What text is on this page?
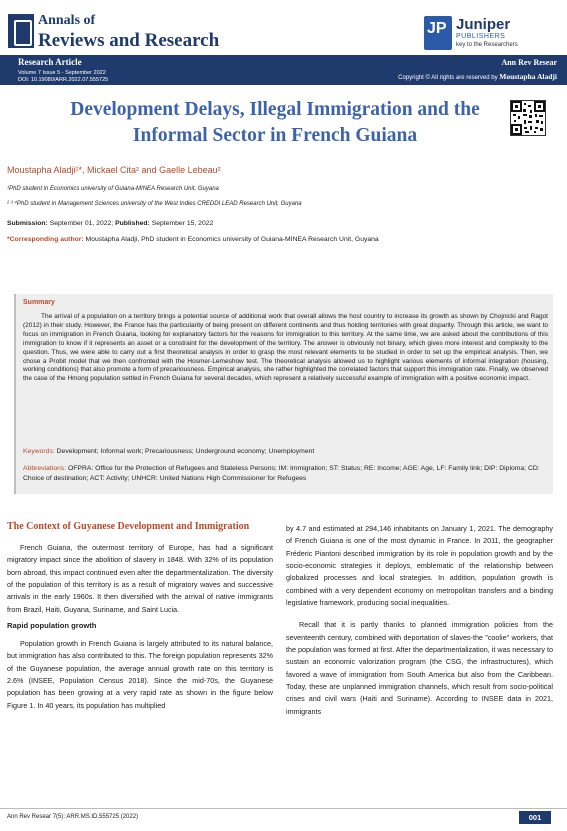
Annals of
Reviews and Research
JP Juniper
PUBLISHERS
key to the Researchers
Research Article
Volume 7 Issue 5 - September 2022
DOI: 10.19080/ARR.2022.07.555725
Ann Rev Resear
Copyright © All rights are reserved by Moustapha Aladji
Development Delays, Illegal Immigration and the Informal Sector in French Guiana
Moustapha Aladji¹*, Mickael Cita² and Gaelle Lebeau²
¹PhD student in Economics university of Guiana-MINEA Research Unit, Guyana
² ³ ⁴PhD student in Management Sciences university of the West Indies CREDDI LEAD Research Unit, Guyana
Submission: September 01, 2022; Published: September 15, 2022
*Corresponding author: Moustapha Aladji, PhD student in Economics university of Guiana-MINEA Research Unit, Guyana
Summary

The arrival of a population on a territory brings a potential source of additional work that overall allows the host country to increase its growth as shown by Chojnicki and Ragot (2012) in their study. However, the France has the particularity of being present on different continents and thus holding territories with great disparity. Through this article, we want to focus on immigration in French Guiana, looking for explanatory factors for the reasons for immigration to this territory. At the same time, we are asked about the contributions of this immigration to know if it represents an asset or a constraint for the development of the territory. The answer is obviously not binary, which gives more interest and complexity to the question. Thus, we were able to carry out a first theoretical analysis in order to grasp the most relevant elements to be studied in order to set up the empirical analysis. Then, we chose a Probit model that we then confronted with the Hosmer-Lemeshow test. The theoretical analysis allowed us to highlight various elements of informal integration (housing, working conditions) that also promote a form of precariousness. Empirical analysis, she rather highlighted the correlated factors that support this immigration rate. Finally, we observed the case of the Hmong population settled in French Guiana for several decades, which represent a relatively successful example of immigration with a positive economic impact.

Keywords: Development; Informal work; Precariousness; Underground economy; Unemployment
Abbreviations: OFPRA: Office for the Protection of Refugees and Stateless Persons; IM: Immigration; ST: Status; RE: Income; AGE: Age, LF: Family link; DIP: Diploma; CD: Choice of destination; ACT: Activity; UNHCR: United Nations High Commissioner for Refugees
The Context of Guyanese Development and Immigration

French Guiana, the outermost territory of Europe, has had a significant migratory impact since the abolition of slavery in 1848. With 32% of its population born abroad, this impact continued even after the departmentalization. The diversity of the population of this territory is as a result of migratory waves and successive arrivals in the early 1960s. It then diversified with the arrival of native immigrants from Brazil, Haiti, Guyana, Suriname, and Saint Lucia.

Rapid population growth

Population growth in French Guiana is largely attributed to its natural balance, but immigration has also contributed to this. The foreign population represents 32% of the Guyanese population, the average annual growth rate on this territory is 2.6% (INSEE, Population Census 2018). Since the mid-70s, the Guyanese population has been growing at a very rapid rate as shown in the figure below Figure 1. In 40 years, its population has multiplied

by 4.7 and estimated at 294,146 inhabitants on January 1, 2021. The demography of French Guiana is one of the most dynamic in France. In 2011, the geographer Fréderic Piantoni described immigration by its role in population growth and by the socio-economic strategies it deploys, emblematic of the relationship between globalized processes and local strategies. In addition, population growth is combined with a very dependent economy on metropolitan transfers and a binding legislative framework, producing social inequalities.

Recall that it is partly thanks to planned immigration policies from the seventeenth century, combined with deportation of slaves-the "coolie" workers, that the population was formed at first. After the departmentalization, it was necessary to sustain an economic valorization program (the CSG, the infrastructures), which favored a wave of immigration from South America but also from the Caribbean. Today, these are unplanned immigration channels, which result from socio-political crises and civil wars (Haiti and Suriname). According to INSEE data in 2021, immigrants

Ann Rev Resear 7(5): ARR.MS.ID.555725 (2022)	001
